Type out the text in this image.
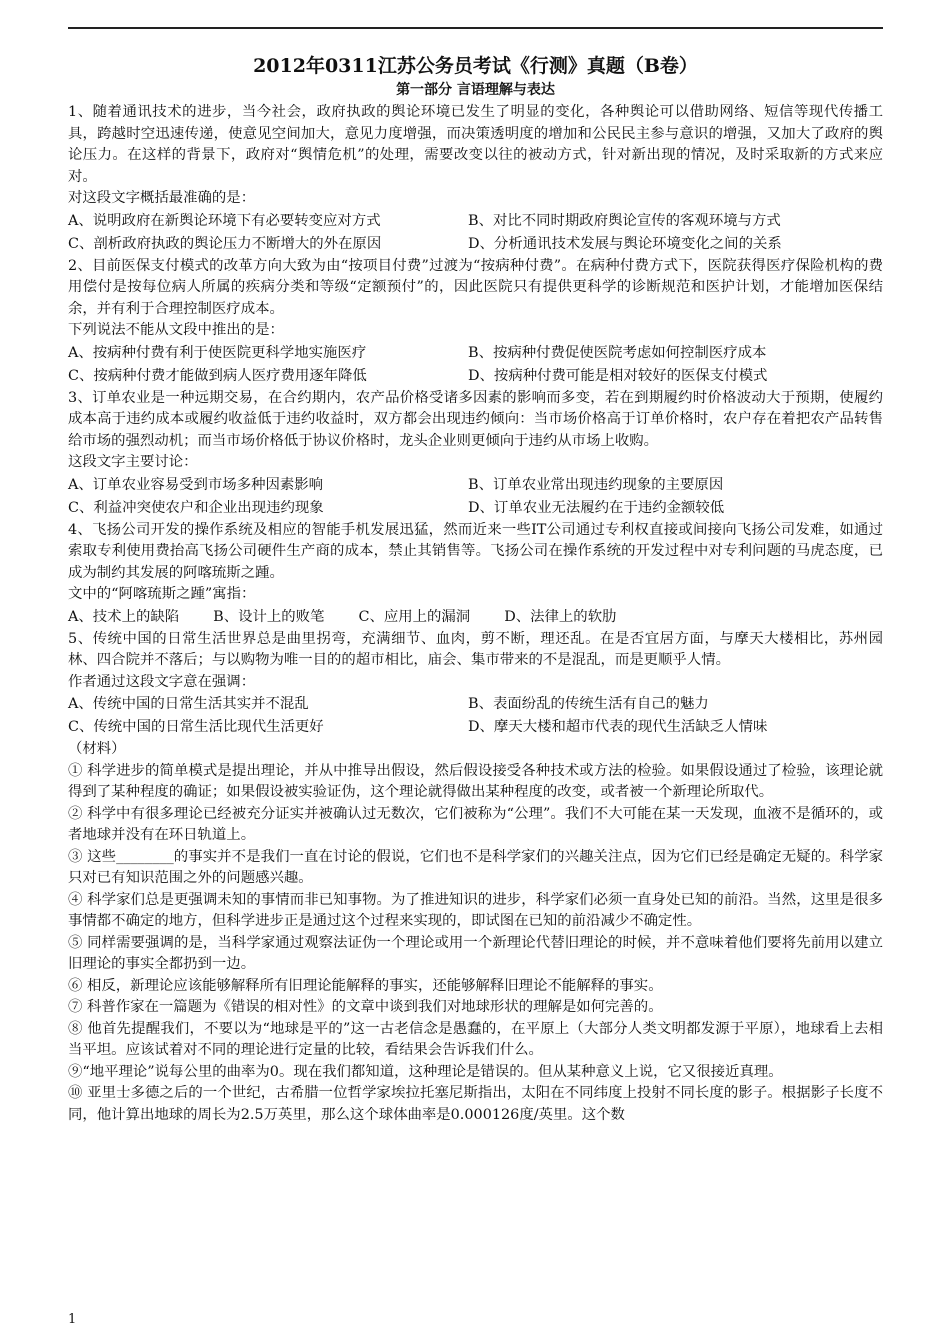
2012年0311江苏公务员考试《行测》真题（B卷）
第一部分 言语理解与表达

1、随着通讯技术的进步，当今社会，政府执政的舆论环境已发生了明显的变化，各种舆论可以借助网络、短信等现代传播工具，跨越时空迅速传递，使意见空间加大，意见力度增强，而决策透明度的增加和公民民主参与意识的增强，又加大了政府的舆论压力。在这样的背景下，政府对“舆情危机”的处理，需要改变以往的被动方式，针对新出现的情况，及时采取新的方式来应对。

对这段文字概括最准确的是：

A、说明政府在新舆论环境下有必要转变应对方式	B、对比不同时期政府舆论宣传的客观环境与方式
C、剖析政府执政的舆论压力不断增大的外在原因	D、分析通讯技术发展与舆论环境变化之间的关系

2、目前医保支付模式的改革方向大致为由“按项目付费”过渡为“按病种付费”。在病种付费方式下，医院获得医疗保险机构的费用偿付是按每位病人所属的疾病分类和等级“定额预付”的，因此医院只有提供更科学的诊断规范和医护计划，才能增加医保结余，并有利于合理控制医疗成本。

下列说法不能从文段中推出的是：

A、按病种付费有利于使医院更科学地实施医疗	B、按病种付费促使医院考虑如何控制医疗成本
C、按病种付费才能做到病人医疗费用逐年降低	D、按病种付费可能是相对较好的医保支付模式

3、订单农业是一种远期交易，在合约期内，农产品价格受诸多因素的影响而多变，若在到期履约时价格波动大于预期，使履约成本高于违约成本或履约收益低于违约收益时，双方都会出现违约倾向：当市场价格高于订单价格时，农户存在着把农产品转售给市场的强烈动机；而当市场价格低于协议价格时，龙头企业则更倾向于违约从市场上收购。

这段文字主要讨论：

A、订单农业容易受到市场多种因素影响	B、订单农业常出现违约现象的主要原因
C、利益冲突使农户和企业出现违约现象	D、订单农业无法履约在于违约金额较低

4、飞扬公司开发的操作系统及相应的智能手机发展迅猛，然而近来一些IT公司通过专利权直接或间接向飞扬公司发难，如通过索取专利使用费抬高飞扬公司硬件生产商的成本，禁止其销售等。飞扬公司在操作系统的开发过程中对专利问题的马虎态度，已成为制约其发展的阿喀琉斯之踵。

文中的“阿喀琉斯之踵”寓指：

A、技术上的缺陷 B、设计上的败笔 C、应用上的漏洞 D、法律上的软肋

5、传统中国的日常生活世界总是曲里拐弯，充满细节、血肉，剪不断，理还乱。在是否宜居方面，与摩天大楼相比，苏州园林、四合院并不落后；与以购物为唯一目的的超市相比，庙会、集市带来的不是混乱，而是更顺乎人情。

作者通过这段文字意在强调：

A、传统中国的日常生活其实并不混乱	B、表面纷乱的传统生活有自己的魅力
C、传统中国的日常生活比现代生活更好	D、摩天大楼和超市代表的现代生活缺乏人情味

（材料）

① 科学进步的简单模式是提出理论，并从中推导出假设，然后假设接受各种技术或方法的检验。如果假设通过了检验，该理论就得到了某种程度的确证；如果假设被实验证伪，这个理论就得做出某种程度的改变，或者被一个新理论所取代。

② 科学中有很多理论已经被充分证实并被确认过无数次，它们被称为“公理”。我们不大可能在某一天发现，血液不是循环的，或者地球并没有在环日轨道上。

③ 这些________的事实并不是我们一直在讨论的假说，它们也不是科学家们的兴趣关注点，因为它们已经是确定无疑的。科学家只对已有知识范围之外的问题感兴趣。

④ 科学家们总是更强调未知的事情而非已知事物。为了推进知识的进步，科学家们必须一直身处已知的前沿。当然，这里是很多事情都不确定的地方，但科学进步正是通过这个过程来实现的，即试图在已知的前沿减少不确定性。

⑤ 同样需要强调的是，当科学家通过观察法证伪一个理论或用一个新理论代替旧理论的时候，并不意味着他们要将先前用以建立旧理论的事实全都扔到一边。

⑥ 相反，新理论应该能够解释所有旧理论能解释的事实，还能够解释旧理论不能解释的事实。

⑦ 科普作家在一篇题为《错误的相对性》的文章中谈到我们对地球形状的理解是如何完善的。

⑧ 他首先提醒我们，不要以为“地球是平的”这一古老信念是愚蠢的，在平原上（大部分人类文明都发源于平原），地球看上去相当平坦。应该试着对不同的理论进行定量的比较，看结果会告诉我们什么。

⑨“地平理论”说每公里的曲率为0。现在我们都知道，这种理论是错误的。但从某种意义上说，它又很接近真理。

⑩ 亚里士多德之后的一个世纪，古希腊一位哲学家埃拉托塞尼斯指出，太阳在不同纬度上投射不同长度的影子。根据影子长度不同，他计算出地球的周长为2.5万英里，那么这个球体曲率是0.000126度/英里。这个数

1
